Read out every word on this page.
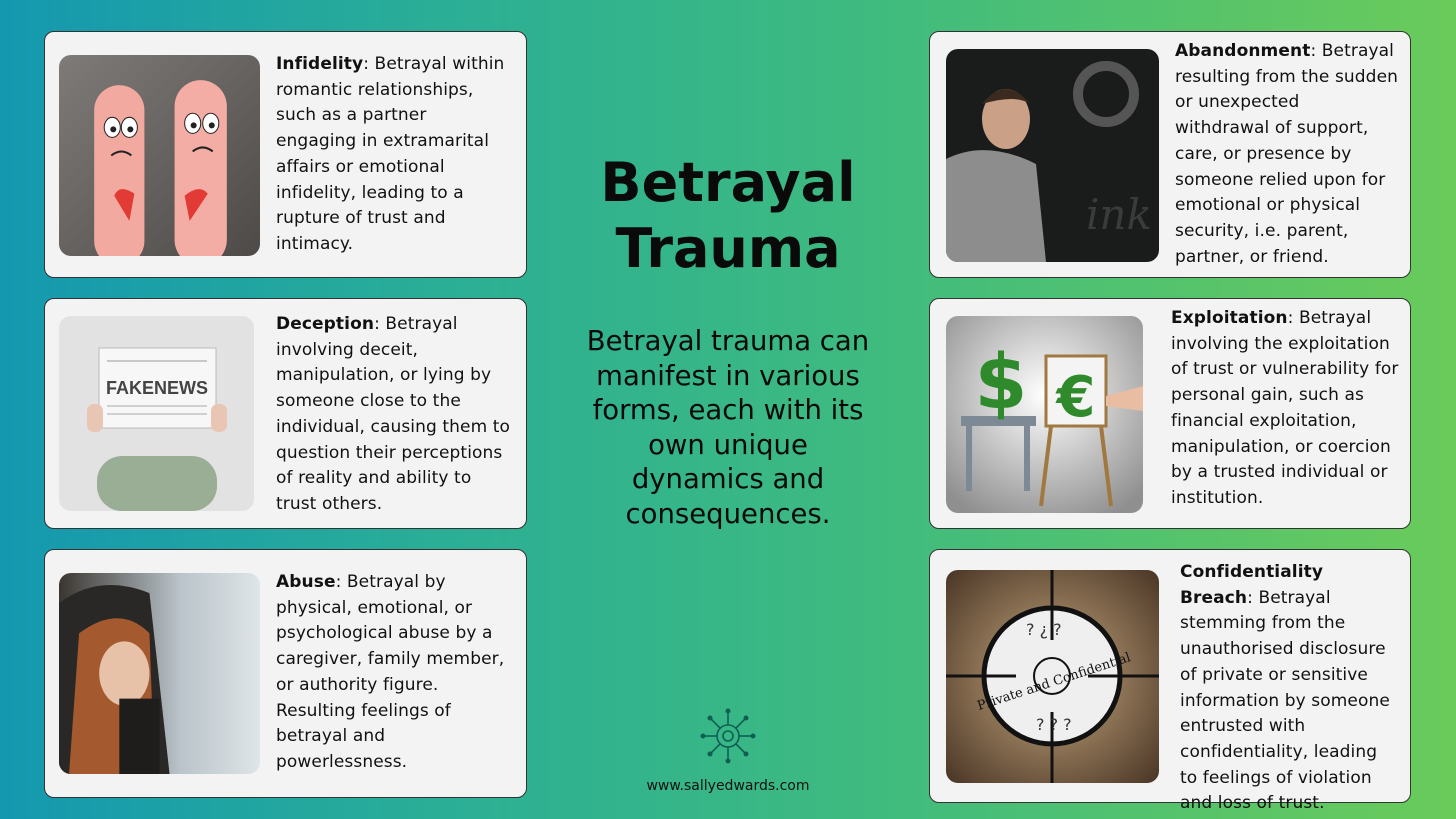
Infidelity: Betrayal within romantic relationships, such as a partner engaging in extramarital affairs or emotional infidelity, leading to a rupture of trust and intimacy.
FAKENEWS
Deception: Betrayal involving deceit, manipulation, or lying by someone close to the individual, causing them to question their perceptions of reality and ability to trust others.
Abuse: Betrayal by physical, emotional, or psychological abuse by a caregiver, family member, or authority figure. Resulting feelings of betrayal and powerlessness.
Betrayal Trauma
Betrayal trauma can manifest in various forms, each with its own unique dynamics and consequences.
www.sallyedwards.com
ink
Abandonment: Betrayal resulting from the sudden or unexpected withdrawal of support, care, or presence by someone relied upon for emotional or physical security, i.e. parent, partner, or friend.
$ €
Exploitation: Betrayal involving the exploitation of trust or vulnerability for personal gain, such as financial exploitation, manipulation, or coercion by a trusted individual or institution.
Private and Confidential
? ¿ ?
? ? ?
Confidentiality Breach: Betrayal stemming from the unauthorised disclosure of private or sensitive information by someone entrusted with confidentiality, leading to feelings of violation and loss of trust.
